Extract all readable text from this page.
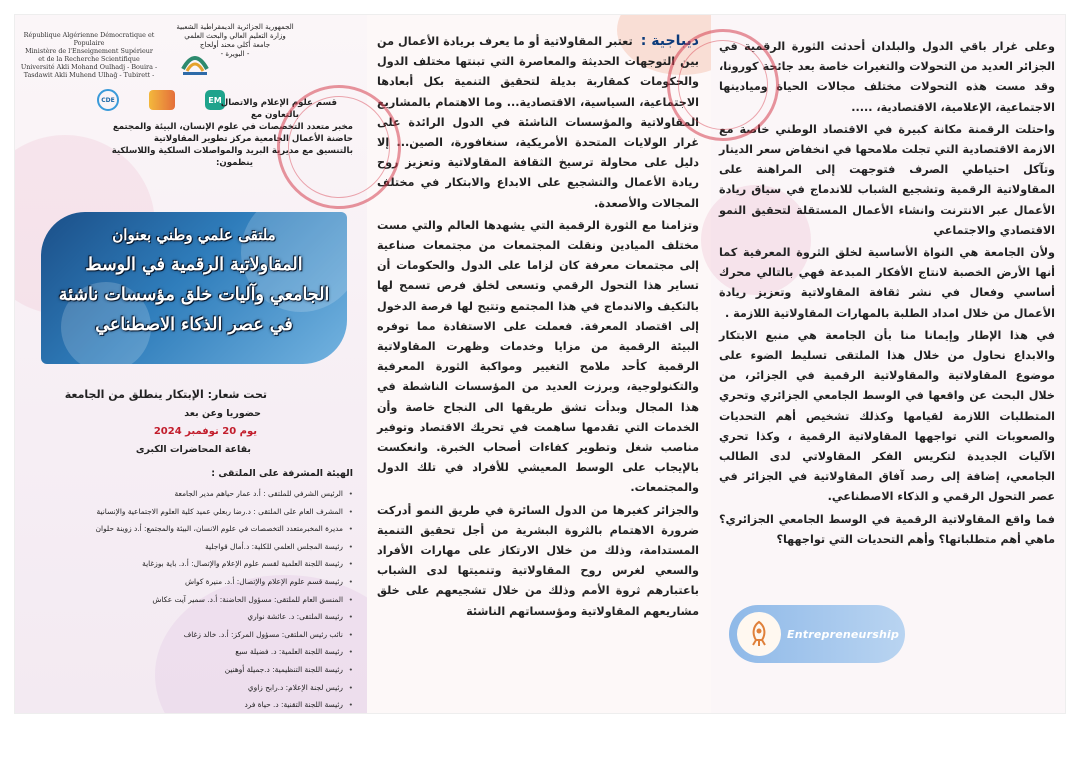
République Algérienne Démocratique et Populaire
Ministère de l'Enseignement Supérieur
et de la Recherche Scientifique
Université Akli Mohand Oulhadj - Bouira -
Tasdawit Akli Muhend Ulhağ - Tubirett -
الجمهورية الجزائرية الديمقراطية الشعبية
وزارة التعليم العالي والبحث العلمي
جامعة أكلي محند أولحاج
- البويرة -
CDE	EM قسم علوم الإعلام والاتصال
بالتعاون مع
مخبر متعدد التخصصات في علوم الإنسان، البيئة والمجتمع
حاضنة الأعمال الجامعية مركز تطوير المقاولاتية
بالتنسيق مع مديرية البريد والمواصلات السلكية واللاسلكية
ينظمون:
ملتقى علمي وطني بعنوان
المقاولاتية الرقمية في الوسط
الجامعي وآليات خلق مؤسسات ناشئة
في عصر الذكاء الاصطناعي
تحت شعار: الإبتكار ينطلق من الجامعة
حضوريا وعن بعد
يوم 20 نوفمبر 2024
بقاعة المحاضرات الكبرى
الهيئة المشرفة على الملتقى :
• الرئيس الشرفي للملتقى : أ.د عمار حياهم مدير الجامعة
• المشرف العام على الملتقى : د.رضا ربعلي عميد كلية العلوم الاجتماعية والإنسانية
• مديرة المخبرمتعدد التخصصات في علوم الانسان، البيئة والمجتمع: أ.د زوينة حلوان
• رئيسة المجلس العلمي للكلية: د.أمال قواجلية
• رئيسة اللجنة العلمية لقسم علوم الإعلام والإتصال: أ.د. باية بوزغاية
• رئيسة قسم علوم الإعلام والإتصال: أ.د. منيرة كواش
• المنسق العام للملتقى: مسؤول الحاضنة: أ.د. سمير آيت عكاش
• رئيسة الملتقى: د. عائشة نواري
• نائب رئيس الملتقى: مسؤول المركز: أ.د. خالد زغاف
• رئيسة اللجنة العلمية: د. فضيلة سبع
• رئيسة اللجنة التنظيمية: د.جميلة أوهنين
• رئيس لجنة الإعلام: د.رابح زاوي
• رئيسة اللجنة التقنية: د. حياة فرد

ديباجية : تعتبر المقاولاتية أو ما يعرف بريادة الأعمال من بين التوجهات الحديثة والمعاصرة التي تبنتها مختلف الدول والحكومات كمقاربة بديلة لتحقيق التنمية بكل أبعادها الاجتماعية، السياسية، الاقتصادية... وما الاهتمام بالمشاريع المقاولاتية والمؤسسات الناشئة في الدول الرائدة على غرار الولايات المتحدة الأمريكية، سنغافورة، الصين... إلا دليل على محاولة ترسيخ الثقافة المقاولاتية وتعزيز روح ريادة الأعمال والتشجيع على الابداع والابتكار في مختلف المجالات والأصعدة.

وتزامنا مع الثورة الرقمية التي يشهدها العالم والتي مست مختلف الميادين ونقلت المجتمعات من مجتمعات صناعية إلى مجتمعات معرفة كان لزاما على الدول والحكومات أن تساير هذا التحول الرقمي وتسعى لخلق فرص تسمح لها بالتكيف والاندماج في هذا المجتمع وتتيح لها فرصة الدخول إلى اقتصاد المعرفة. فعملت على الاستفادة مما توفره البيئة الرقمية من مزايا وخدمات وظهرت المقاولاتية الرقمية كأحد ملامح التغيير ومواكبة الثورة المعرفية والتكنولوجية، وبرزت العديد من المؤسسات الناشطة في هذا المجال وبدأت تشق طريقها الى النجاح خاصة وأن الخدمات التي تقدمها ساهمت في تحريك الاقتصاد وتوفير مناصب شغل وتطوير كفاءات أصحاب الخبرة. وانعكست بالإيجاب على الوسط المعيشي للأفراد في تلك الدول والمجتمعات.

والجزائر كغيرها من الدول السائرة في طريق النمو أدركت ضرورة الاهتمام بالثروة البشرية من أجل تحقيق التنمية المستدامة، وذلك من خلال الارتكاز على مهارات الأفراد والسعي لغرس روح المقاولاتية وتنميتها لدى الشباب باعتبارهم ثروة الأمم وذلك من خلال تشجيعهم على خلق مشاريعهم المقاولاتية ومؤسساتهم الناشئة

وعلى غرار باقي الدول والبلدان أحدثت الثورة الرقمية في الجزائر العديد من التحولات والتغيرات خاصة بعد جائحة كورونا، وقد مست هذه التحولات مختلف مجالات الحياة وميادينها الاجتماعية، الإعلامية، الاقتصادية، .....

واحتلت الرقمنة مكانة كبيرة في الاقتصاد الوطني خاصة مع الازمة الاقتصادية التي تجلت ملامحها في انخفاض سعر الدينار وتآكل احتياطي الصرف فتوجهت إلى المراهنة على المقاولاتية الرقمية وتشجيع الشباب للاندماج في سياق ريادة الأعمال عبر الانترنت وانشاء الأعمال المستقلة لتحقيق النمو الاقتصادي والاجتماعي

ولأن الجامعة هي النواة الأساسية لخلق الثروة المعرفية كما أنها الأرض الخصبة لانتاج الأفكار المبدعة فهي بالتالي محرك أساسي وفعال في نشر ثقافة المقاولاتية وتعزيز ريادة الأعمال من خلال امداد الطلبة بالمهارات المقاولاتية اللازمة .

في هذا الإطار وإيمانا منا بأن الجامعة هي منبع الابتكار والابداع نحاول من خلال هذا الملتقى تسليط الضوء على موضوع المقاولاتية والمقاولاتية الرقمية في الجزائر، من خلال البحث عن واقعها في الوسط الجامعي الجزائري وتحري المتطلبات اللازمة لقيامها وكذلك تشخيص أهم التحديات والصعوبات التي تواجهها المقاولاتية الرقمية ، وكذا تحري الآليات الجديدة لتكريس الفكر المقاولاتي لدى الطالب الجامعي، إضافة إلى رصد آفاق المقاولاتية في الجزائر في عصر التحول الرقمي و الذكاء الاصطناعي.

فما واقع المقاولاتية الرقمية في الوسط الجامعي الجزائري؟ ماهي أهم متطلباتها؟ وأهم التحديات التي تواجهها؟

Entrepreneurship
